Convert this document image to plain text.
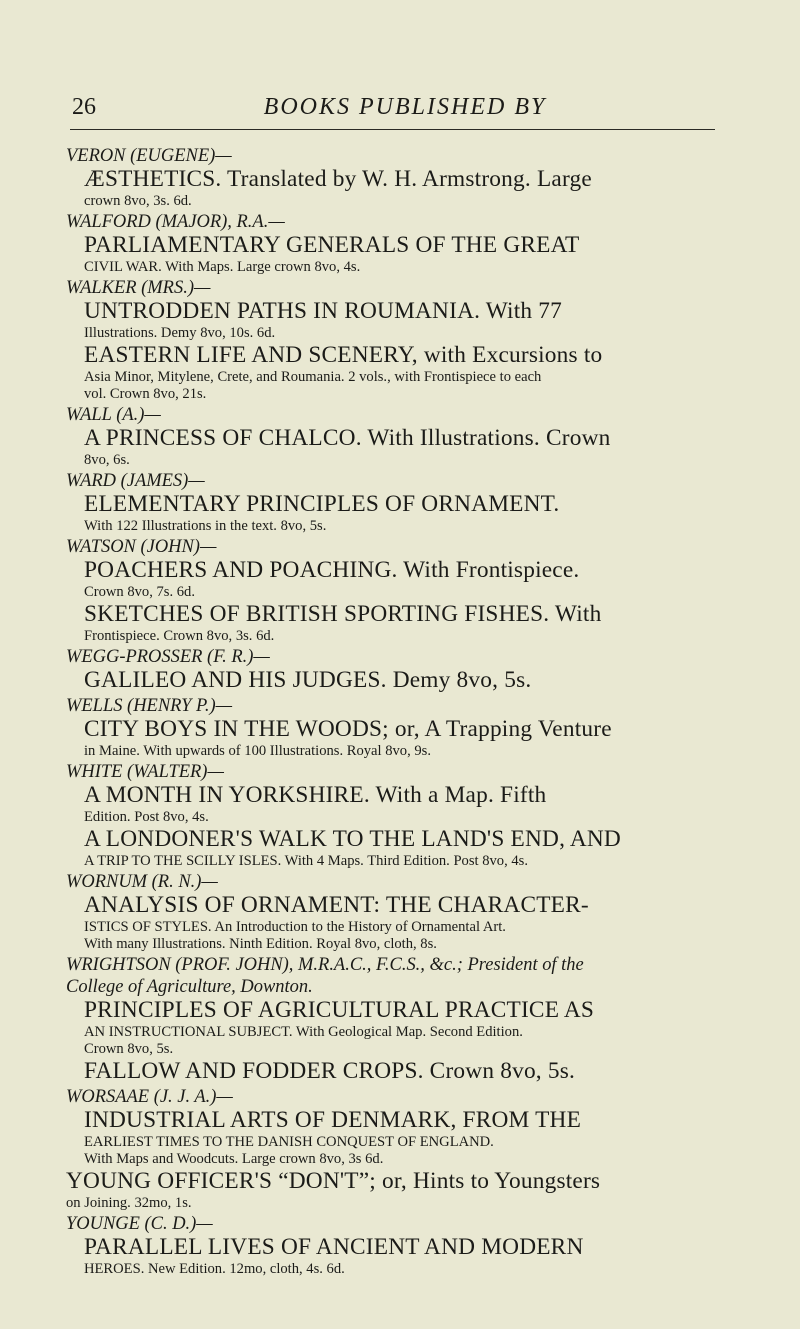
26	BOOKS PUBLISHED BY
VERON (EUGENE)—
ÆSTHETICS. Translated by W. H. Armstrong. Large
crown 8vo, 3s. 6d.
WALFORD (MAJOR), R.A.—
PARLIAMENTARY GENERALS OF THE GREAT
CIVIL WAR. With Maps. Large crown 8vo, 4s.
WALKER (MRS.)—
UNTRODDEN PATHS IN ROUMANIA. With 77
Illustrations. Demy 8vo, 10s. 6d.
EASTERN LIFE AND SCENERY, with Excursions to
Asia Minor, Mitylene, Crete, and Roumania. 2 vols., with Frontispiece to each
vol. Crown 8vo, 21s.
WALL (A.)—
A PRINCESS OF CHALCO. With Illustrations. Crown
8vo, 6s.
WARD (JAMES)—
ELEMENTARY PRINCIPLES OF ORNAMENT.
With 122 Illustrations in the text. 8vo, 5s.
WATSON (JOHN)—
POACHERS AND POACHING. With Frontispiece.
Crown 8vo, 7s. 6d.
SKETCHES OF BRITISH SPORTING FISHES. With
Frontispiece. Crown 8vo, 3s. 6d.
WEGG-PROSSER (F. R.)—
GALILEO AND HIS JUDGES. Demy 8vo, 5s.
WELLS (HENRY P.)—
CITY BOYS IN THE WOODS; or, A Trapping Venture
in Maine. With upwards of 100 Illustrations. Royal 8vo, 9s.
WHITE (WALTER)—
A MONTH IN YORKSHIRE. With a Map. Fifth
Edition. Post 8vo, 4s.
A LONDONER'S WALK TO THE LAND'S END, AND
A TRIP TO THE SCILLY ISLES. With 4 Maps. Third Edition. Post 8vo, 4s.
WORNUM (R. N.)—
ANALYSIS OF ORNAMENT: THE CHARACTER-
ISTICS OF STYLES. An Introduction to the History of Ornamental Art.
With many Illustrations. Ninth Edition. Royal 8vo, cloth, 8s.
WRIGHTSON (PROF. JOHN), M.R.A.C., F.C.S., &c.; President of the
College of Agriculture, Downton.
PRINCIPLES OF AGRICULTURAL PRACTICE AS
AN INSTRUCTIONAL SUBJECT. With Geological Map. Second Edition.
Crown 8vo, 5s.
FALLOW AND FODDER CROPS. Crown 8vo, 5s.
WORSAAE (J. J. A.)—
INDUSTRIAL ARTS OF DENMARK, FROM THE
EARLIEST TIMES TO THE DANISH CONQUEST OF ENGLAND.
With Maps and Woodcuts. Large crown 8vo, 3s 6d.
YOUNG OFFICER'S “DON'T”; or, Hints to Youngsters
on Joining. 32mo, 1s.
YOUNGE (C. D.)—
PARALLEL LIVES OF ANCIENT AND MODERN
HEROES. New Edition. 12mo, cloth, 4s. 6d.
